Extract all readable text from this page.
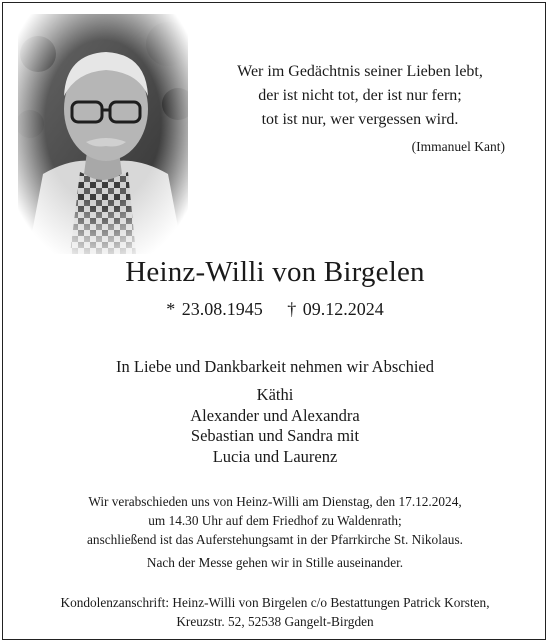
Wer im Gedächtnis seiner Lieben lebt,
der ist nicht tot, der ist nur fern;
tot ist nur, wer vergessen wird.
(Immanuel Kant)
Heinz-Willi von Birgelen
* 23.08.1945 † 09.12.2024
In Liebe und Dankbarkeit nehmen wir Abschied
Käthi
Alexander und Alexandra
Sebastian und Sandra mit
Lucia und Laurenz
Wir verabschieden uns von Heinz-Willi am Dienstag, den 17.12.2024,
um 14.30 Uhr auf dem Friedhof zu Waldenrath;
anschließend ist das Auferstehungsamt in der Pfarrkirche St. Nikolaus.
Nach der Messe gehen wir in Stille auseinander.
Kondolenzanschrift: Heinz-Willi von Birgelen c/o Bestattungen Patrick Korsten,
Kreuzstr. 52, 52538 Gangelt-Birgden
